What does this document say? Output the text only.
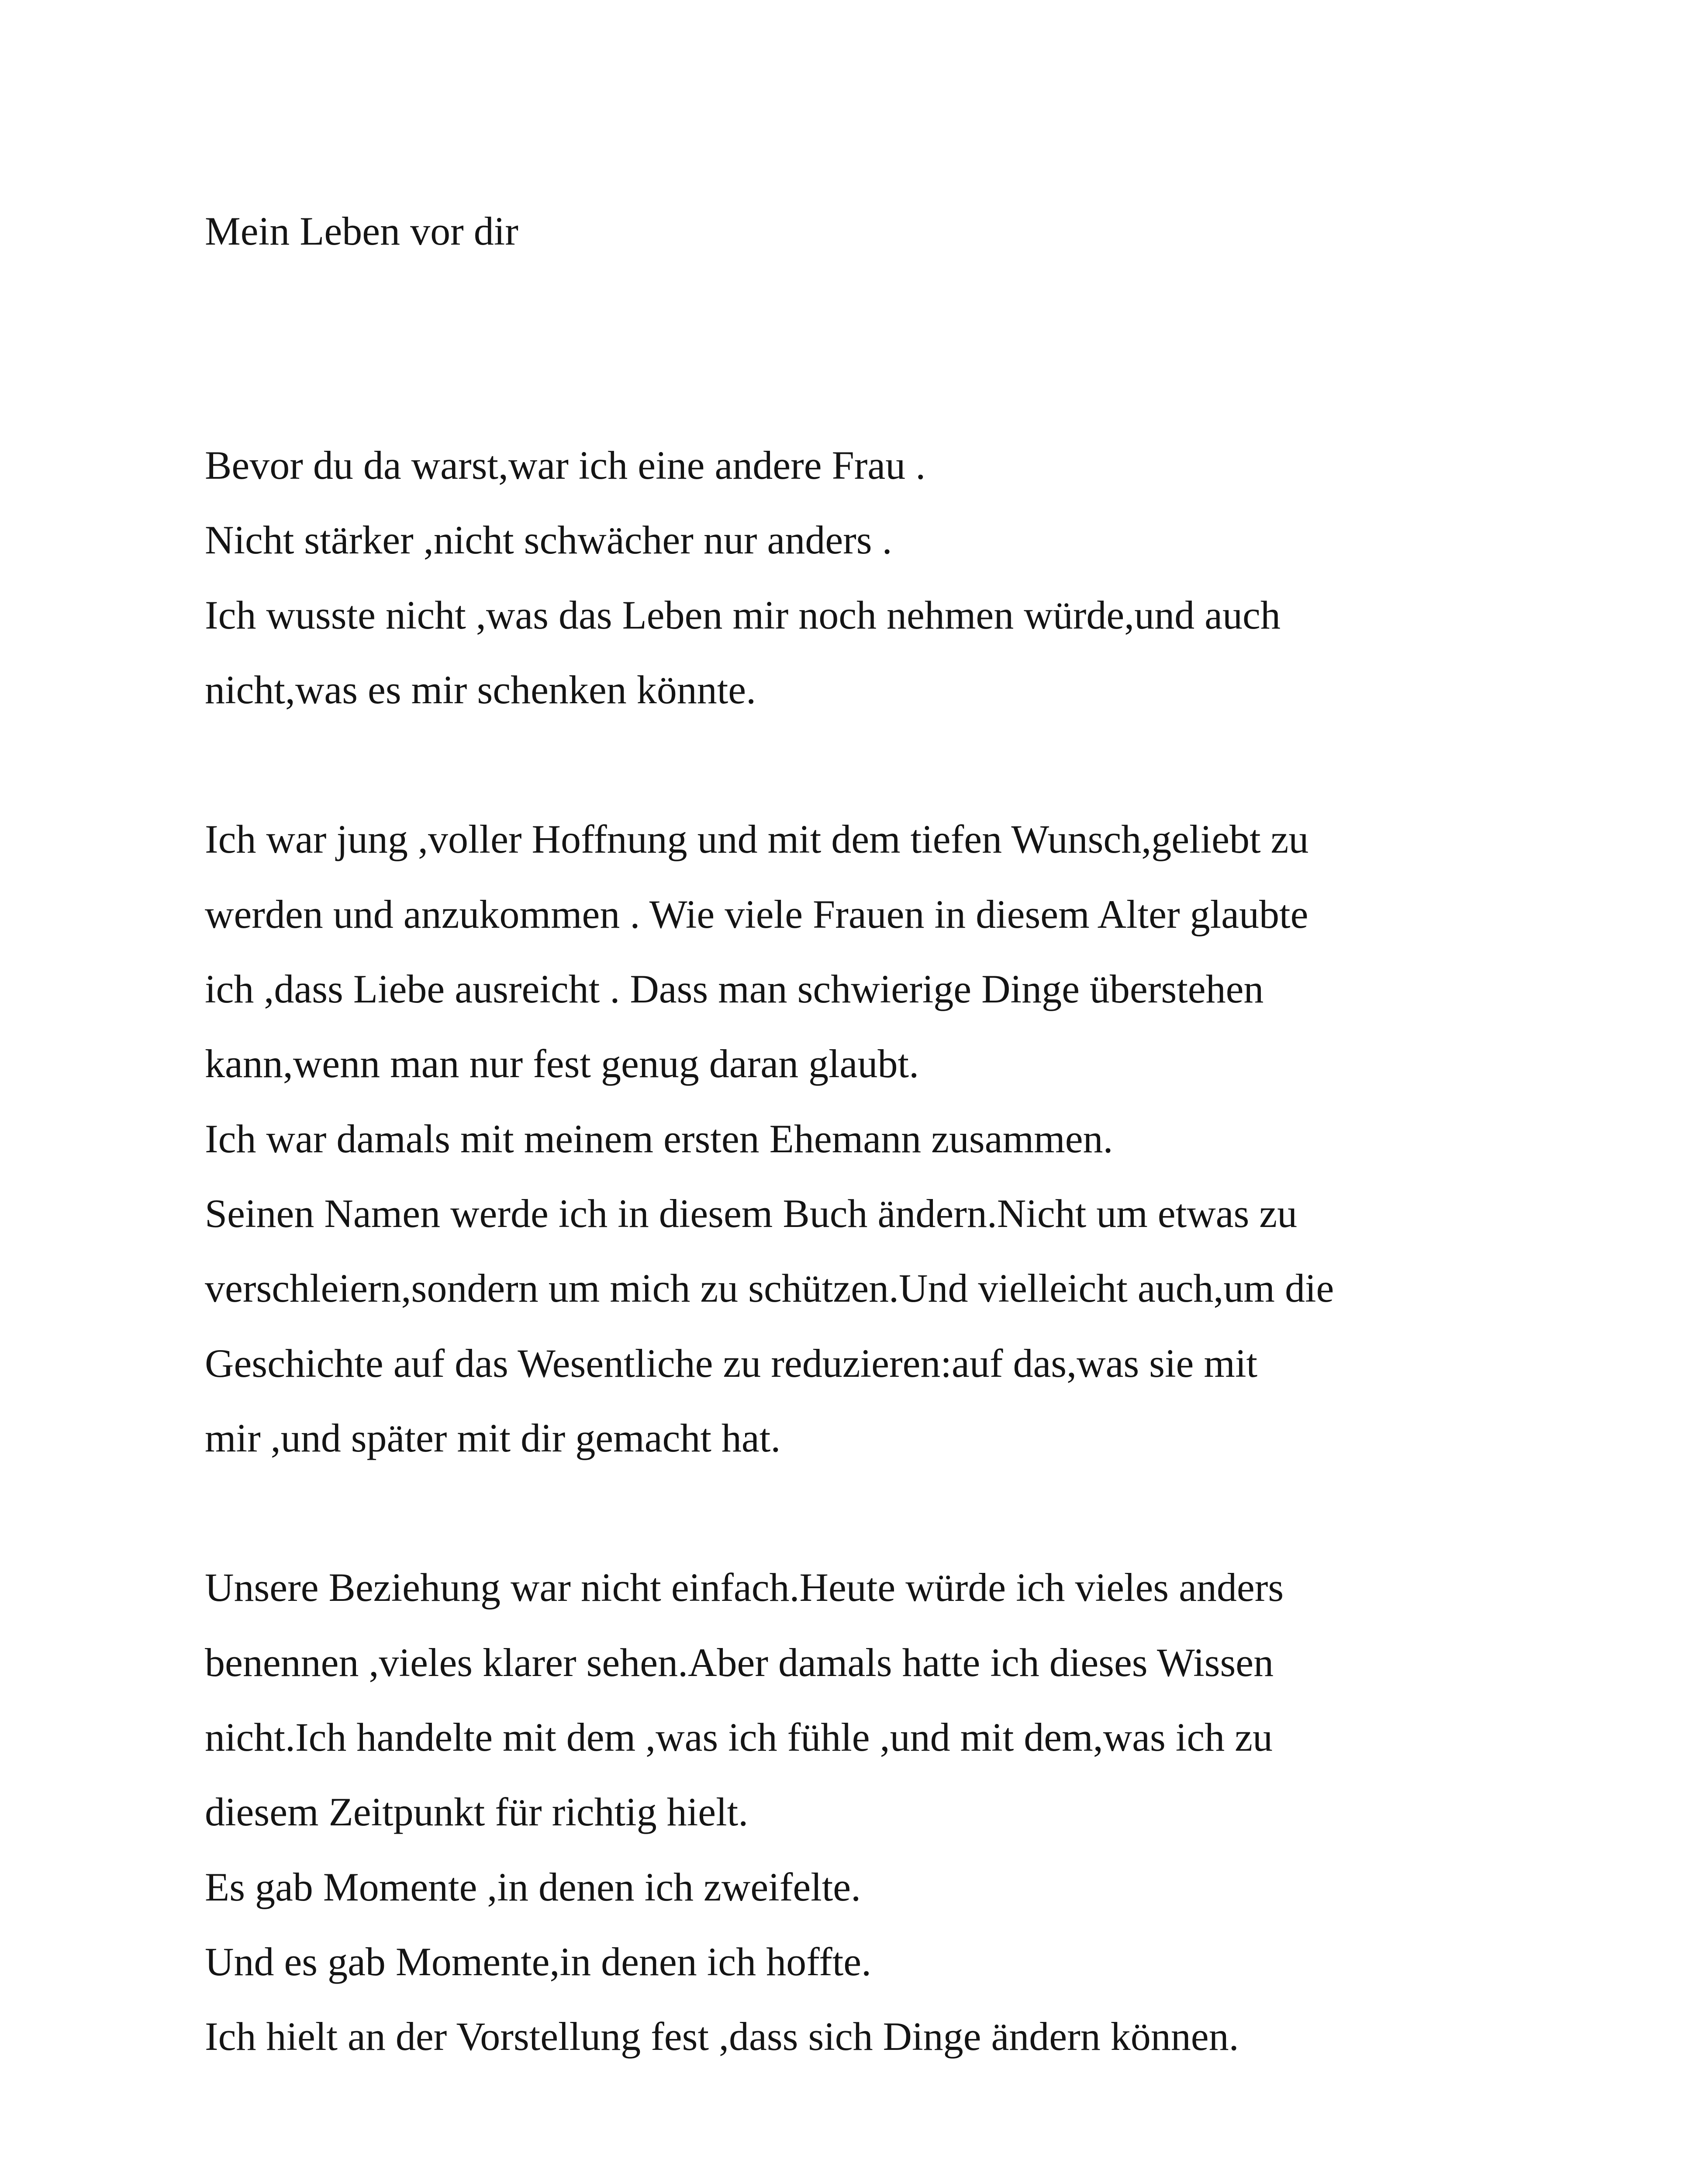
Mein Leben vor dir
Bevor du da warst,war ich eine andere Frau .
Nicht stärker ,nicht schwächer nur anders .
Ich wusste nicht ,was das Leben mir noch nehmen würde,und auch
nicht,was es mir schenken könnte.
Ich war jung ,voller Hoffnung und mit dem tiefen Wunsch,geliebt zu
werden und anzukommen . Wie viele Frauen in diesem Alter glaubte
ich ,dass Liebe ausreicht . Dass man schwierige Dinge überstehen
kann,wenn man nur fest genug daran glaubt.
Ich war damals mit meinem ersten Ehemann zusammen.
Seinen Namen werde ich in diesem Buch ändern.Nicht um etwas zu
verschleiern,sondern um mich zu schützen.Und vielleicht auch,um die
Geschichte auf das Wesentliche zu reduzieren:auf das,was sie mit
mir ,und später mit dir gemacht hat.
Unsere Beziehung war nicht einfach.Heute würde ich vieles anders
benennen ,vieles klarer sehen.Aber damals hatte ich dieses Wissen
nicht.Ich handelte mit dem ,was ich fühle ,und mit dem,was ich zu
diesem Zeitpunkt für richtig hielt.
Es gab Momente ,in denen ich zweifelte.
Und es gab Momente,in denen ich hoffte.
Ich hielt an der Vorstellung fest ,dass sich Dinge ändern können.
